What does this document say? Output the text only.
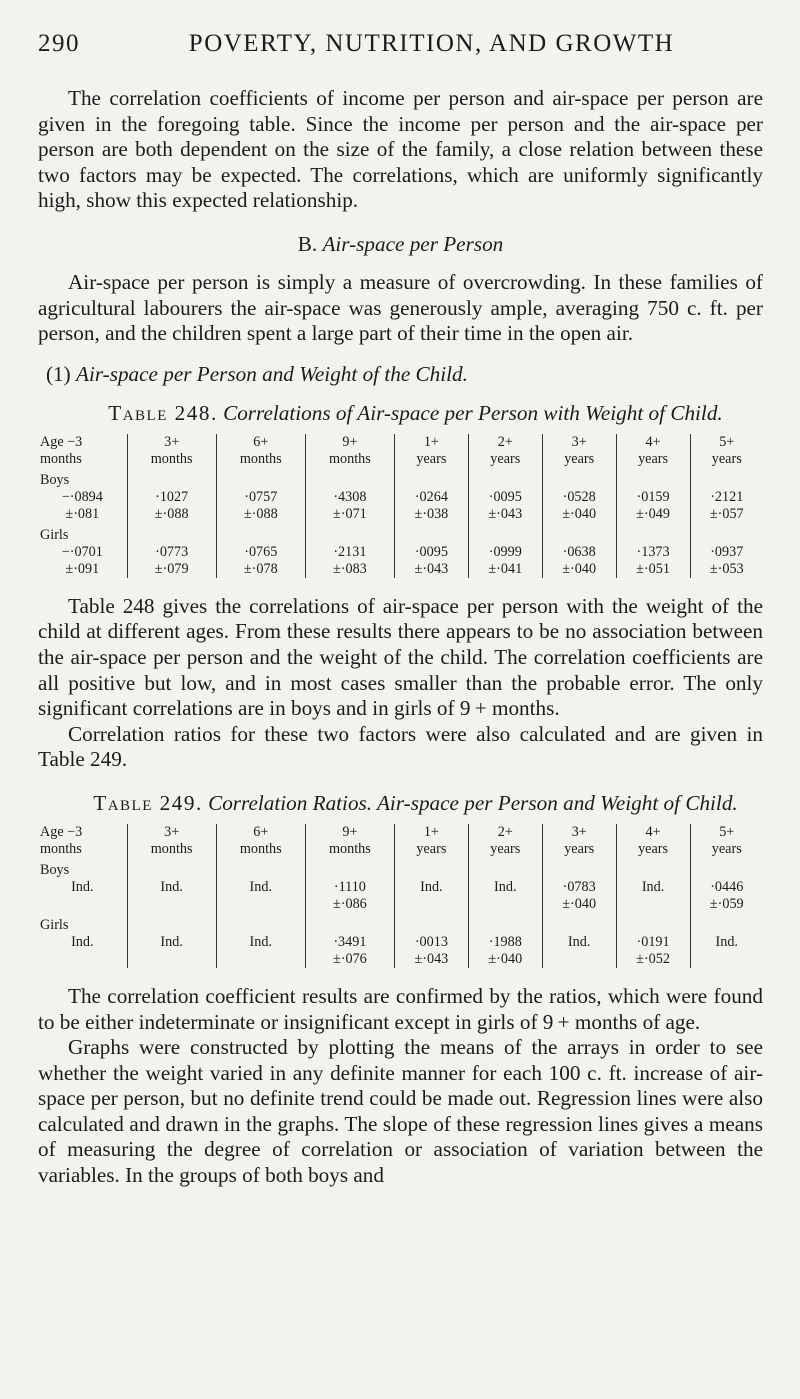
290	POVERTY, NUTRITION, AND GROWTH

The correlation coefficients of income per person and air-space per person are given in the foregoing table. Since the income per person and the air-space per person are both dependent on the size of the family, a close relation between these two factors may be expected. The correlations, which are uniformly significantly high, show this expected relationship.

B. Air-space per Person

Air-space per person is simply a measure of overcrowding. In these families of agricultural labourers the air-space was generously ample, averaging 750 c. ft. per person, and the children spent a large part of their time in the open air.

(1) Air-space per Person and Weight of the Child.
Table 248. Correlations of Air-space per Person with Weight of Child.
Age −3	3+	6+	9+	1+	2+	3+	4+	5+
months	months	months	months	years	years	years	years	years
Boys								
−·0894	·1027	·0757	·4308	·0264	·0095	·0528	·0159	·2121
±·081	±·088	±·088	±·071	±·038	±·043	±·040	±·049	±·057
Girls								
−·0701	·0773	·0765	·2131	·0095	·0999	·0638	·1373	·0937
±·091	±·079	±·078	±·083	±·043	±·041	±·040	±·051	±·053

Table 248 gives the correlations of air-space per person with the weight of the child at different ages. From these results there appears to be no association between the air-space per person and the weight of the child. The correlation coefficients are all positive but low, and in most cases smaller than the probable error. The only significant correlations are in boys and in girls of 9 + months.

Correlation ratios for these two factors were also calculated and are given in Table 249.

Table 249. Correlation Ratios. Air-space per Person and Weight of Child.
Age −3	3+	6+	9+	1+	2+	3+	4+	5+
months	months	months	months	years	years	years	years	years
Boys								
Ind.	Ind.	Ind.	·1110	Ind.	Ind.	·0783	Ind.	·0446
			±·086			±·040		±·059
Girls								
Ind.	Ind.	Ind.	·3491	·0013	·1988	Ind.	·0191	Ind.
			±·076	±·043	±·040		±·052	

The correlation coefficient results are confirmed by the ratios, which were found to be either indeterminate or insignificant except in girls of 9 + months of age.

Graphs were constructed by plotting the means of the arrays in order to see whether the weight varied in any definite manner for each 100 c. ft. increase of air-space per person, but no definite trend could be made out. Regression lines were also calculated and drawn in the graphs. The slope of these regression lines gives a means of measuring the degree of correlation or association of variation between the variables. In the groups of both boys and
